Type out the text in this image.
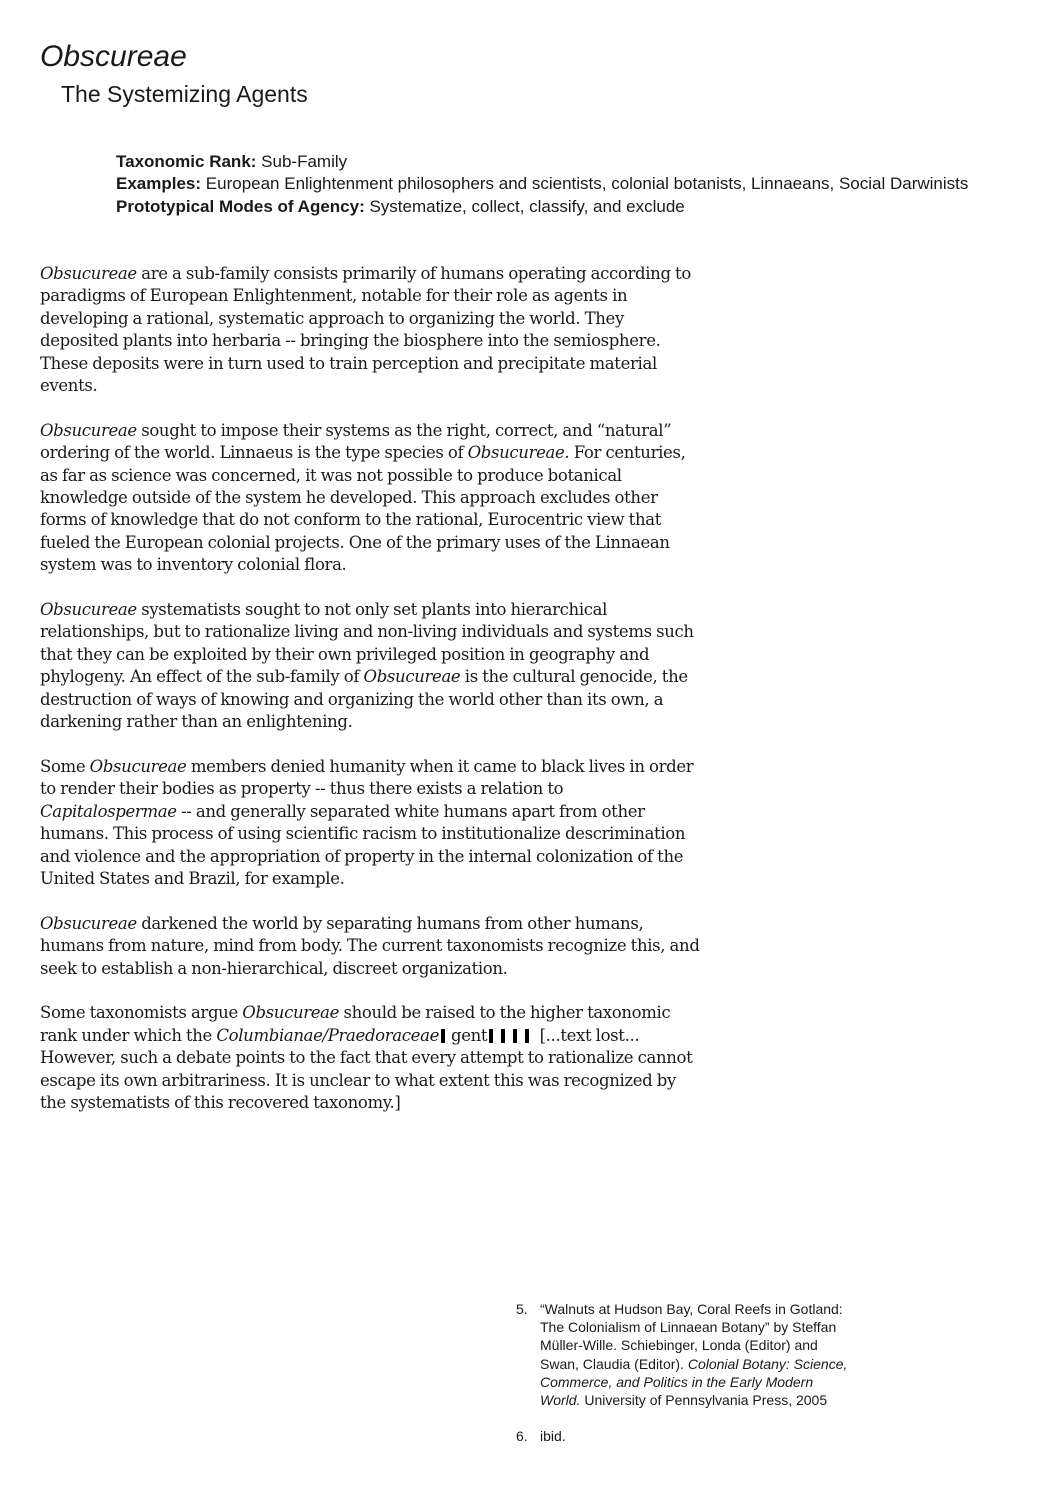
Obscureae
The Systemizing Agents
Taxonomic Rank: Sub-Family
Examples: European Enlightenment philosophers and scientists, colonial botanists, Linnaeans, Social Darwinists
Prototypical Modes of Agency: Systematize, collect, classify, and exclude

Obsucureae are a sub-family consists primarily of humans operating according to paradigms of European Enlightenment, notable for their role as agents in developing a rational, systematic approach to organizing the world. They deposited plants into herbaria -- bringing the biosphere into the semiosphere. These deposits were in turn used to train perception and precipitate material events.

Obsucureae sought to impose their systems as the right, correct, and “natural” ordering of the world. Linnaeus is the type species of Obsucureae. For centuries, as far as science was concerned, it was not possible to produce botanical knowledge outside of the system he developed. This approach excludes other forms of knowledge that do not conform to the rational, Eurocentric view that fueled the European colonial projects. One of the primary uses of the Linnaean system was to inventory colonial flora.

Obsucureae systematists sought to not only set plants into hierarchical relationships, but to rationalize living and non-living individuals and systems such that they can be exploited by their own privileged position in geography and phylogeny. An effect of the sub-family of Obsucureae is the cultural genocide, the destruction of ways of knowing and organizing the world other than its own, a darkening rather than an enlightening.

Some Obsucureae members denied humanity when it came to black lives in order to render their bodies as property -- thus there exists a relation to Capitalospermae -- and generally separated white humans apart from other humans. This process of using scientific racism to institutionalize descrimination and violence and the appropriation of property in the internal colonization of the United States and Brazil, for example.

Obsucureae darkened the world by separating humans from other humans, humans from nature, mind from body. The current taxonomists recognize this, and seek to establish a non-hierarchical, discreet organization.

Some taxonomists argue Obsucureae should be raised to the higher taxonomic rank under which the Columbianae/Praedoraceae gent	[...text lost... However, such a debate points to the fact that every attempt to rationalize cannot escape its own arbitrariness. It is unclear to what extent this was recognized by the systematists of this recovered taxonomy.]

5. “Walnuts at Hudson Bay, Coral Reefs in Gotland: The Colonialism of Linnaean Botany” by Steffan Müller-Wille. Schiebinger, Londa (Editor) and Swan, Claudia (Editor). Colonial Botany: Science, Commerce, and Politics in the Early Modern World. University of Pennsylvania Press, 2005
6. ibid.
